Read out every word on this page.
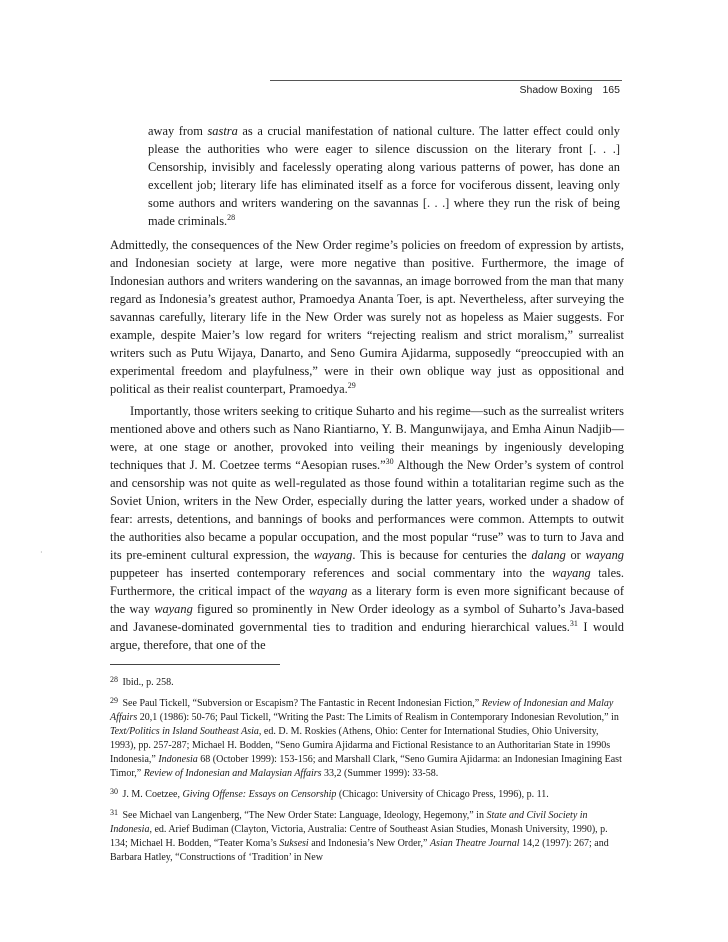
Shadow Boxing 165
·

away from sastra as a crucial manifestation of national culture. The latter effect could only please the authorities who were eager to silence discussion on the literary front [. . .] Censorship, invisibly and facelessly operating along various patterns of power, has done an excellent job; literary life has eliminated itself as a force for vociferous dissent, leaving only some authors and writers wandering on the savannas [. . .] where they run the risk of being made criminals.$^{28}$

Admittedly, the consequences of the New Order regime’s policies on freedom of expression by artists, and Indonesian society at large, were more negative than positive. Furthermore, the image of Indonesian authors and writers wandering on the savannas, an image borrowed from the man that many regard as Indonesia’s greatest author, Pramoedya Ananta Toer, is apt. Nevertheless, after surveying the savannas carefully, literary life in the New Order was surely not as hopeless as Maier suggests. For example, despite Maier’s low regard for writers “rejecting realism and strict moralism,” surrealist writers such as Putu Wijaya, Danarto, and Seno Gumira Ajidarma, supposedly “preoccupied with an experimental freedom and playfulness,” were in their own oblique way just as oppositional and political as their realist counterpart, Pramoedya.$^{29}$

Importantly, those writers seeking to critique Suharto and his regime—such as the surrealist writers mentioned above and others such as Nano Riantiarno, Y. B. Mangunwijaya, and Emha Ainun Nadjib—were, at one stage or another, provoked into veiling their meanings by ingeniously developing techniques that J. M. Coetzee terms “Aesopian ruses.”$^{30}$ Although the New Order’s system of control and censorship was not quite as well-regulated as those found within a totalitarian regime such as the Soviet Union, writers in the New Order, especially during the latter years, worked under a shadow of fear: arrests, detentions, and bannings of books and performances were common. Attempts to outwit the authorities also became a popular occupation, and the most popular “ruse” was to turn to Java and its pre-eminent cultural expression, the wayang. This is because for centuries the dalang or wayang puppeteer has inserted contemporary references and social commentary into the wayang tales. Furthermore, the critical impact of the wayang as a literary form is even more significant because of the way wayang figured so prominently in New Order ideology as a symbol of Suharto’s Java-based and Javanese-dominated governmental ties to tradition and enduring hierarchical values.$^{31}$ I would argue, therefore, that one of the

$^{28}$ Ibid., p. 258.

$^{29}$ See Paul Tickell, “Subversion or Escapism? The Fantastic in Recent Indonesian Fiction,” Review of Indonesian and Malay Affairs 20,1 (1986): 50-76; Paul Tickell, “Writing the Past: The Limits of Realism in Contemporary Indonesian Revolution,” in Text/Politics in Island Southeast Asia, ed. D. M. Roskies (Athens, Ohio: Center for International Studies, Ohio University, 1993), pp. 257-287; Michael H. Bodden, “Seno Gumira Ajidarma and Fictional Resistance to an Authoritarian State in 1990s Indonesia,” Indonesia 68 (October 1999): 153-156; and Marshall Clark, “Seno Gumira Ajidarma: an Indonesian Imagining East Timor,” Review of Indonesian and Malaysian Affairs 33,2 (Summer 1999): 33-58.

$^{30}$ J. M. Coetzee, Giving Offense: Essays on Censorship (Chicago: University of Chicago Press, 1996), p. 11.

$^{31}$ See Michael van Langenberg, “The New Order State: Language, Ideology, Hegemony,” in State and Civil Society in Indonesia, ed. Arief Budiman (Clayton, Victoria, Australia: Centre of Southeast Asian Studies, Monash University, 1990), p. 134; Michael H. Bodden, “Teater Koma’s Suksesi and Indonesia’s New Order,” Asian Theatre Journal 14,2 (1997): 267; and Barbara Hatley, “Constructions of ‘Tradition’ in New
